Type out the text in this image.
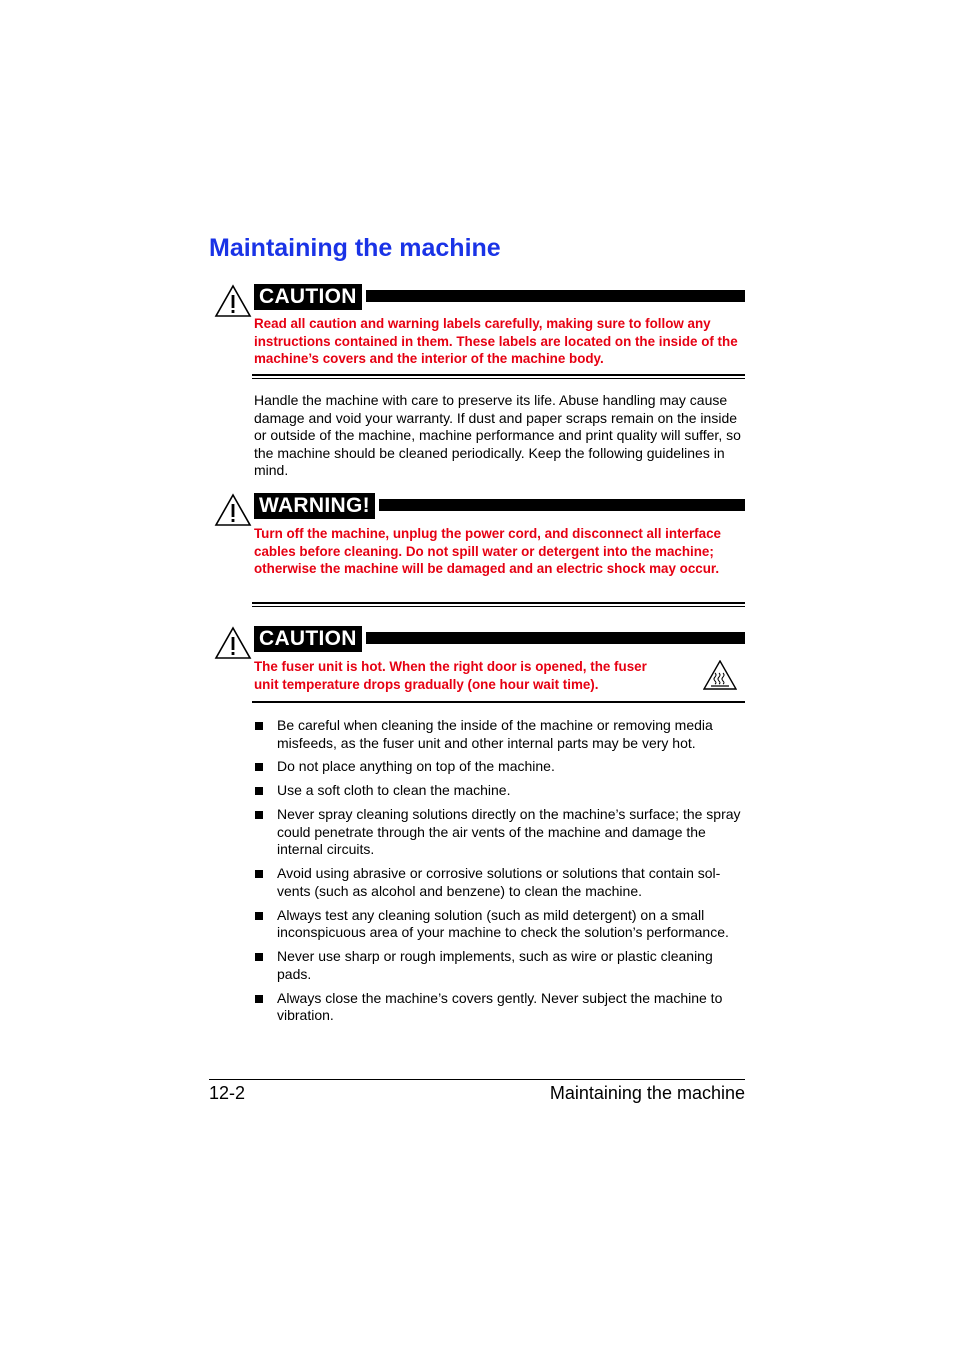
Maintaining the machine
CAUTION

Read all caution and warning labels carefully, making sure to follow any instructions contained in them. These labels are located on the inside of the machine’s covers and the interior of the machine body.

Handle the machine with care to preserve its life. Abuse handling may cause damage and void your warranty. If dust and paper scraps remain on the inside or outside of the machine, machine performance and print quality will suffer, so the machine should be cleaned periodically. Keep the following guidelines in mind.

WARNING!

Turn off the machine, unplug the power cord, and disconnect all interface cables before cleaning. Do not spill water or detergent into the machine; otherwise the machine will be damaged and an electric shock may occur.

CAUTION

The fuser unit is hot. When the right door is opened, the fuser unit temperature drops gradually (one hour wait time).

Be careful when cleaning the inside of the machine or removing media misfeeds, as the fuser unit and other internal parts may be very hot.
Do not place anything on top of the machine.
Use a soft cloth to clean the machine.
Never spray cleaning solutions directly on the machine’s surface; the spray could penetrate through the air vents of the machine and damage the internal circuits.
Avoid using abrasive or corrosive solutions or solutions that contain sol-vents (such as alcohol and benzene) to clean the machine.
Always test any cleaning solution (such as mild detergent) on a small inconspicuous area of your machine to check the solution’s performance.
Never use sharp or rough implements, such as wire or plastic cleaning pads.
Always close the machine’s covers gently. Never subject the machine to vibration.
12-2	Maintaining the machine
